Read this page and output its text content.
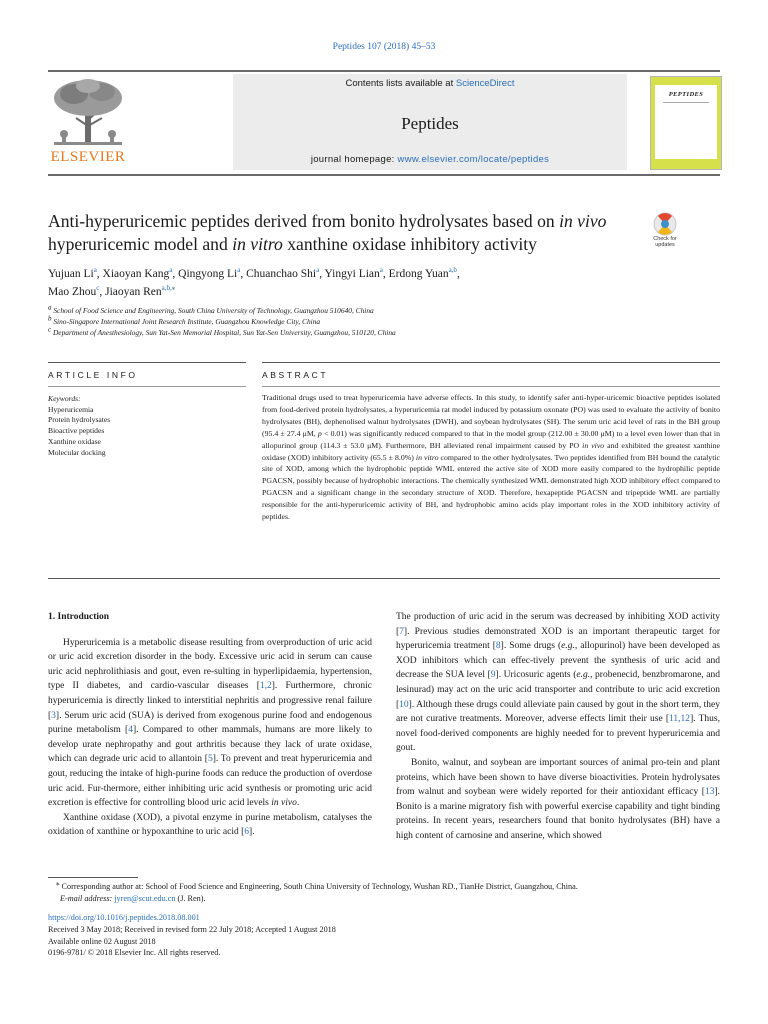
Peptides 107 (2018) 45–53
ELSEVIER
Contents lists available at ScienceDirect
Peptides
journal homepage: www.elsevier.com/locate/peptides
PEPTIDES
Anti-hyperuricemic peptides derived from bonito hydrolysates based on in vivo hyperuricemic model and in vitro xanthine oxidase inhibitory activity	Check for updates
Yujuan Li$^a$, Xiaoyan Kang$^a$, Qingyong Li$^a$, Chuanchao Shi$^a$, Yingyi Lian$^a$, Erdong Yuan$^{a,b}$,
Mao Zhou$^c$, Jiaoyan Ren$^{a,b,⁎}$
$^a$ School of Food Science and Engineering, South China University of Technology, Guangzhou 510640, China
$^b$ Sino-Singapore International Joint Research Institute, Guangzhou Knowledge City, China
$^c$ Department of Anesthesiology, Sun Yat-Sen Memorial Hospital, Sun Yat-Sen University, Guangzhou, 510120, China
ARTICLE INFO	ABSTRACT
Keywords:
Hyperuricemia
Protein hydrolysates
Bioactive peptides
Xanthine oxidase
Molecular docking
Traditional drugs used to treat hyperuricemia have adverse effects. In this study, to identify safer anti-hyper-uricemic bioactive peptides isolated from food-derived protein hydrolysates, a hyperuricemia rat model induced by potassium oxonate (PO) was used to evaluate the activity of bonito hydrolysates (BH), dephenolised walnut hydrolysates (DWH), and soybean hydrolysates (SH). The serum uric acid level of rats in the BH group (95.4 ± 27.4 μM, p < 0.01) was significantly reduced compared to that in the model group (212.00 ± 30.00 μM) to a level even lower than that in allopurinol group (114.3 ± 53.0 μM). Furthermore, BH alleviated renal impairment caused by PO in vivo and exhibited the greatest xanthine oxidase (XOD) inhibitory activity (65.5 ± 8.0%) in vitro compared to the other hydrolysates. Two peptides identified from BH bound the catalytic site of XOD, among which the hydrophobic peptide WML entered the active site of XOD more easily compared to the hydrophilic peptide PGACSN, possibly because of hydrophobic interactions. The chemically synthesized WML demonstrated high XOD inhibitory effect compared to PGACSN and a significant change in the secondary structure of XOD. Therefore, hexapeptide PGACSN and tripeptide WML are partially responsible for the anti-hyperuricemic activity of BH, and hydrophobic amino acids play important roles in the XOD inhibitory activity of peptides.
1. Introduction

Hyperuricemia is a metabolic disease resulting from overproduction of uric acid or uric acid excretion disorder in the body. Excessive uric acid in serum can cause uric acid nephrolithiasis and gout, even re-sulting in hyperlipidaemia, hypertension, type II diabetes, and cardio-vascular diseases [1,2]. Furthermore, chronic hyperuricemia is directly linked to interstitial nephritis and progressive renal failure [3]. Serum uric acid (SUA) is derived from exogenous purine food and endogenous purine metabolism [4]. Compared to other mammals, humans are more likely to develop urate nephropathy and gout arthritis because they lack of urate oxidase, which can degrade uric acid to allantoin [5]. To prevent and treat hyperuricemia and gout, reducing the intake of high-purine foods can reduce the production of overdose uric acid. Fur-thermore, either inhibiting uric acid synthesis or promoting uric acid excretion is effective for controlling blood uric acid levels in vivo.

Xanthine oxidase (XOD), a pivotal enzyme in purine metabolism, catalyses the oxidation of xanthine or hypoxanthine to uric acid [6].

The production of uric acid in the serum was decreased by inhibiting XOD activity [7]. Previous studies demonstrated XOD is an important therapeutic target for hyperuricemia treatment [8]. Some drugs (e.g., allopurinol) have been developed as XOD inhibitors which can effec-tively prevent the synthesis of uric acid and decrease the SUA level [9]. Uricosuric agents (e.g., probenecid, benzbromarone, and lesinurad) may act on the uric acid transporter and contribute to uric acid excretion [10]. Although these drugs could alleviate pain caused by gout in the short term, they are not curative treatments. Moreover, adverse effects limit their use [11,12]. Thus, novel food-derived components are highly needed for to prevent hyperuricemia and gout.

Bonito, walnut, and soybean are important sources of animal pro-tein and plant proteins, which have been shown to have diverse bioactivities. Protein hydrolysates from walnut and soybean were widely reported for their antioxidant efficacy [13]. Bonito is a marine migratory fish with powerful exercise capability and tight binding proteins. In recent years, researchers found that bonito hydrolysates (BH) have a high content of carnosine and anserine, which showed

⁎ Corresponding author at: School of Food Science and Engineering, South China University of Technology, Wushan RD., TianHe District, Guangzhou, China.
E-mail address: jyren@scut.edu.cn (J. Ren).
https://doi.org/10.1016/j.peptides.2018.08.001
Received 3 May 2018; Received in revised form 22 July 2018; Accepted 1 August 2018
Available online 02 August 2018
0196-9781/ © 2018 Elsevier Inc. All rights reserved.
